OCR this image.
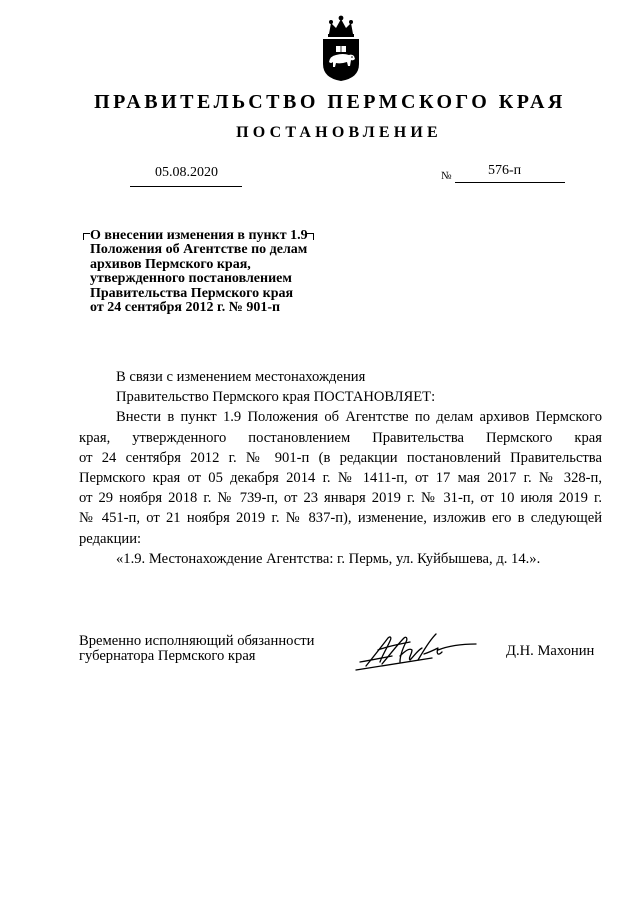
ПРАВИТЕЛЬСТВО ПЕРМСКОГО КРАЯ
ПОСТАНОВЛЕНИЕ
05.08.2020	№	576-п
О внесении изменения в пункт 1.9
Положения об Агентстве по делам
архивов Пермского края,
утвержденного постановлением
Правительства Пермского края
от 24 сентября 2012 г. № 901-п

В связи с изменением местонахождения

Правительство Пермского края ПОСТАНОВЛЯЕТ:

Внести в пункт 1.9 Положения об Агентстве по делам архивов Пермского

края, утвержденного постановлением Правительства Пермского края

от 24 сентября 2012 г. № 901-п (в редакции постановлений Правительства

Пермского края от 05 декабря 2014 г. № 1411-п, от 17 мая 2017 г. № 328-п,

от 29 ноября 2018 г. № 739-п, от 23 января 2019 г. № 31-п, от 10 июля 2019 г.

№ 451-п, от 21 ноября 2019 г. № 837-п), изменение, изложив его в следующей

редакции:

«1.9. Местонахождение Агентства: г. Пермь, ул. Куйбышева, д. 14.».

Временно исполняющий обязанности
губернатора Пермского края	Д.Н. Махонин
